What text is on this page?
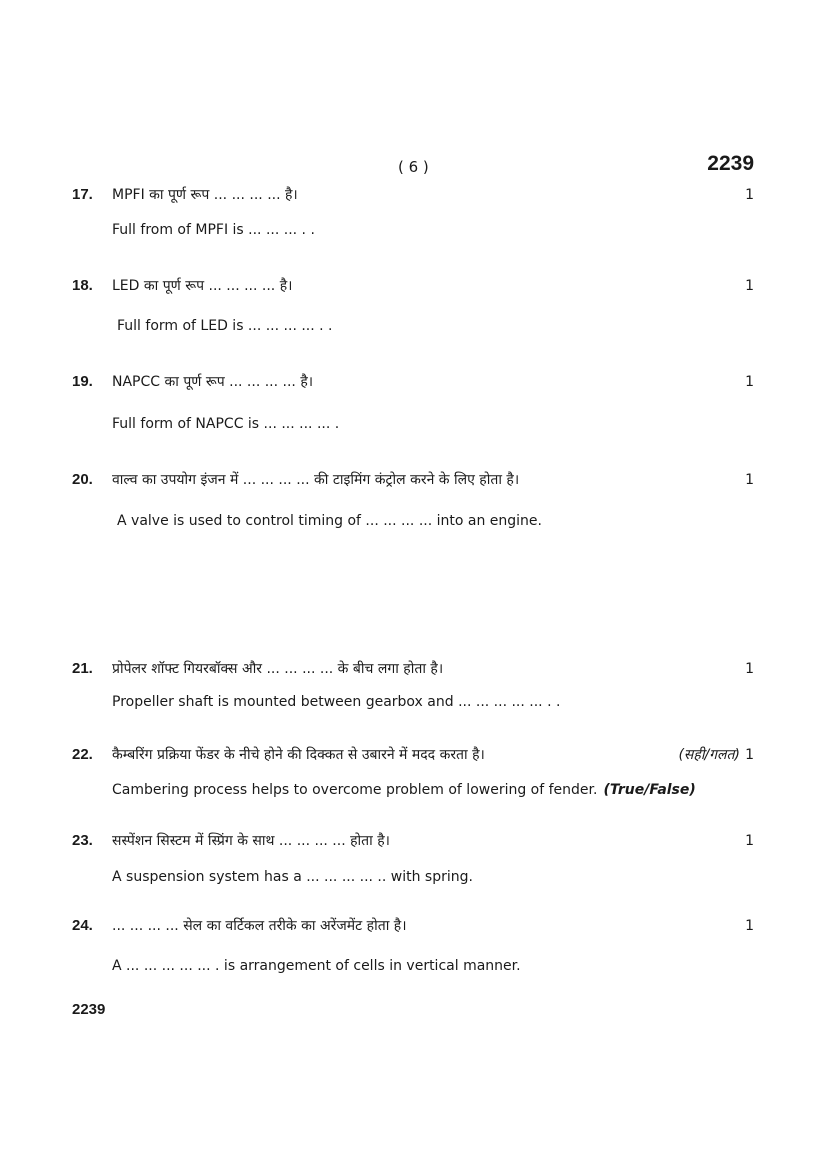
( 6 )	2239
17. MPFI का पूर्ण रूप ... ... ... ... है।	1
Full from of MPFI is ... ... ... . .
18. LED का पूर्ण रूप ... ... ... ... है।	1
Full form of LED is ... ... ... ... . .
19. NAPCC का पूर्ण रूप ... ... ... ... है।	1
Full form of NAPCC is ... ... ... ... .
20. वाल्व का उपयोग इंजन में ... ... ... ... की टाइमिंग कंट्रोल करने के लिए होता है।	1
A valve is used to control timing of ... ... ... ... into an engine.
21. प्रोपेलर शॉफ्ट गियरबॉक्स और ... ... ... ... के बीच लगा होता है।	1
Propeller shaft is mounted between gearbox and ... ... ... ... ... . .
22. कैम्बरिंग प्रक्रिया फेंडर के नीचे होने की दिक्कत से उबारने में मदद करता है।	(सही/गलत) 1
Cambering process helps to overcome problem of lowering of fender. (True/False)
23. सस्पेंशन सिस्टम में स्प्रिंग के साथ ... ... ... ... होता है।	1
A suspension system has a ... ... ... ... .. with spring.
24. ... ... ... ... सेल का वर्टिकल तरीके का अरेंजमेंट होता है।	1
A ... ... ... ... ... . is arrangement of cells in vertical manner.
2239
